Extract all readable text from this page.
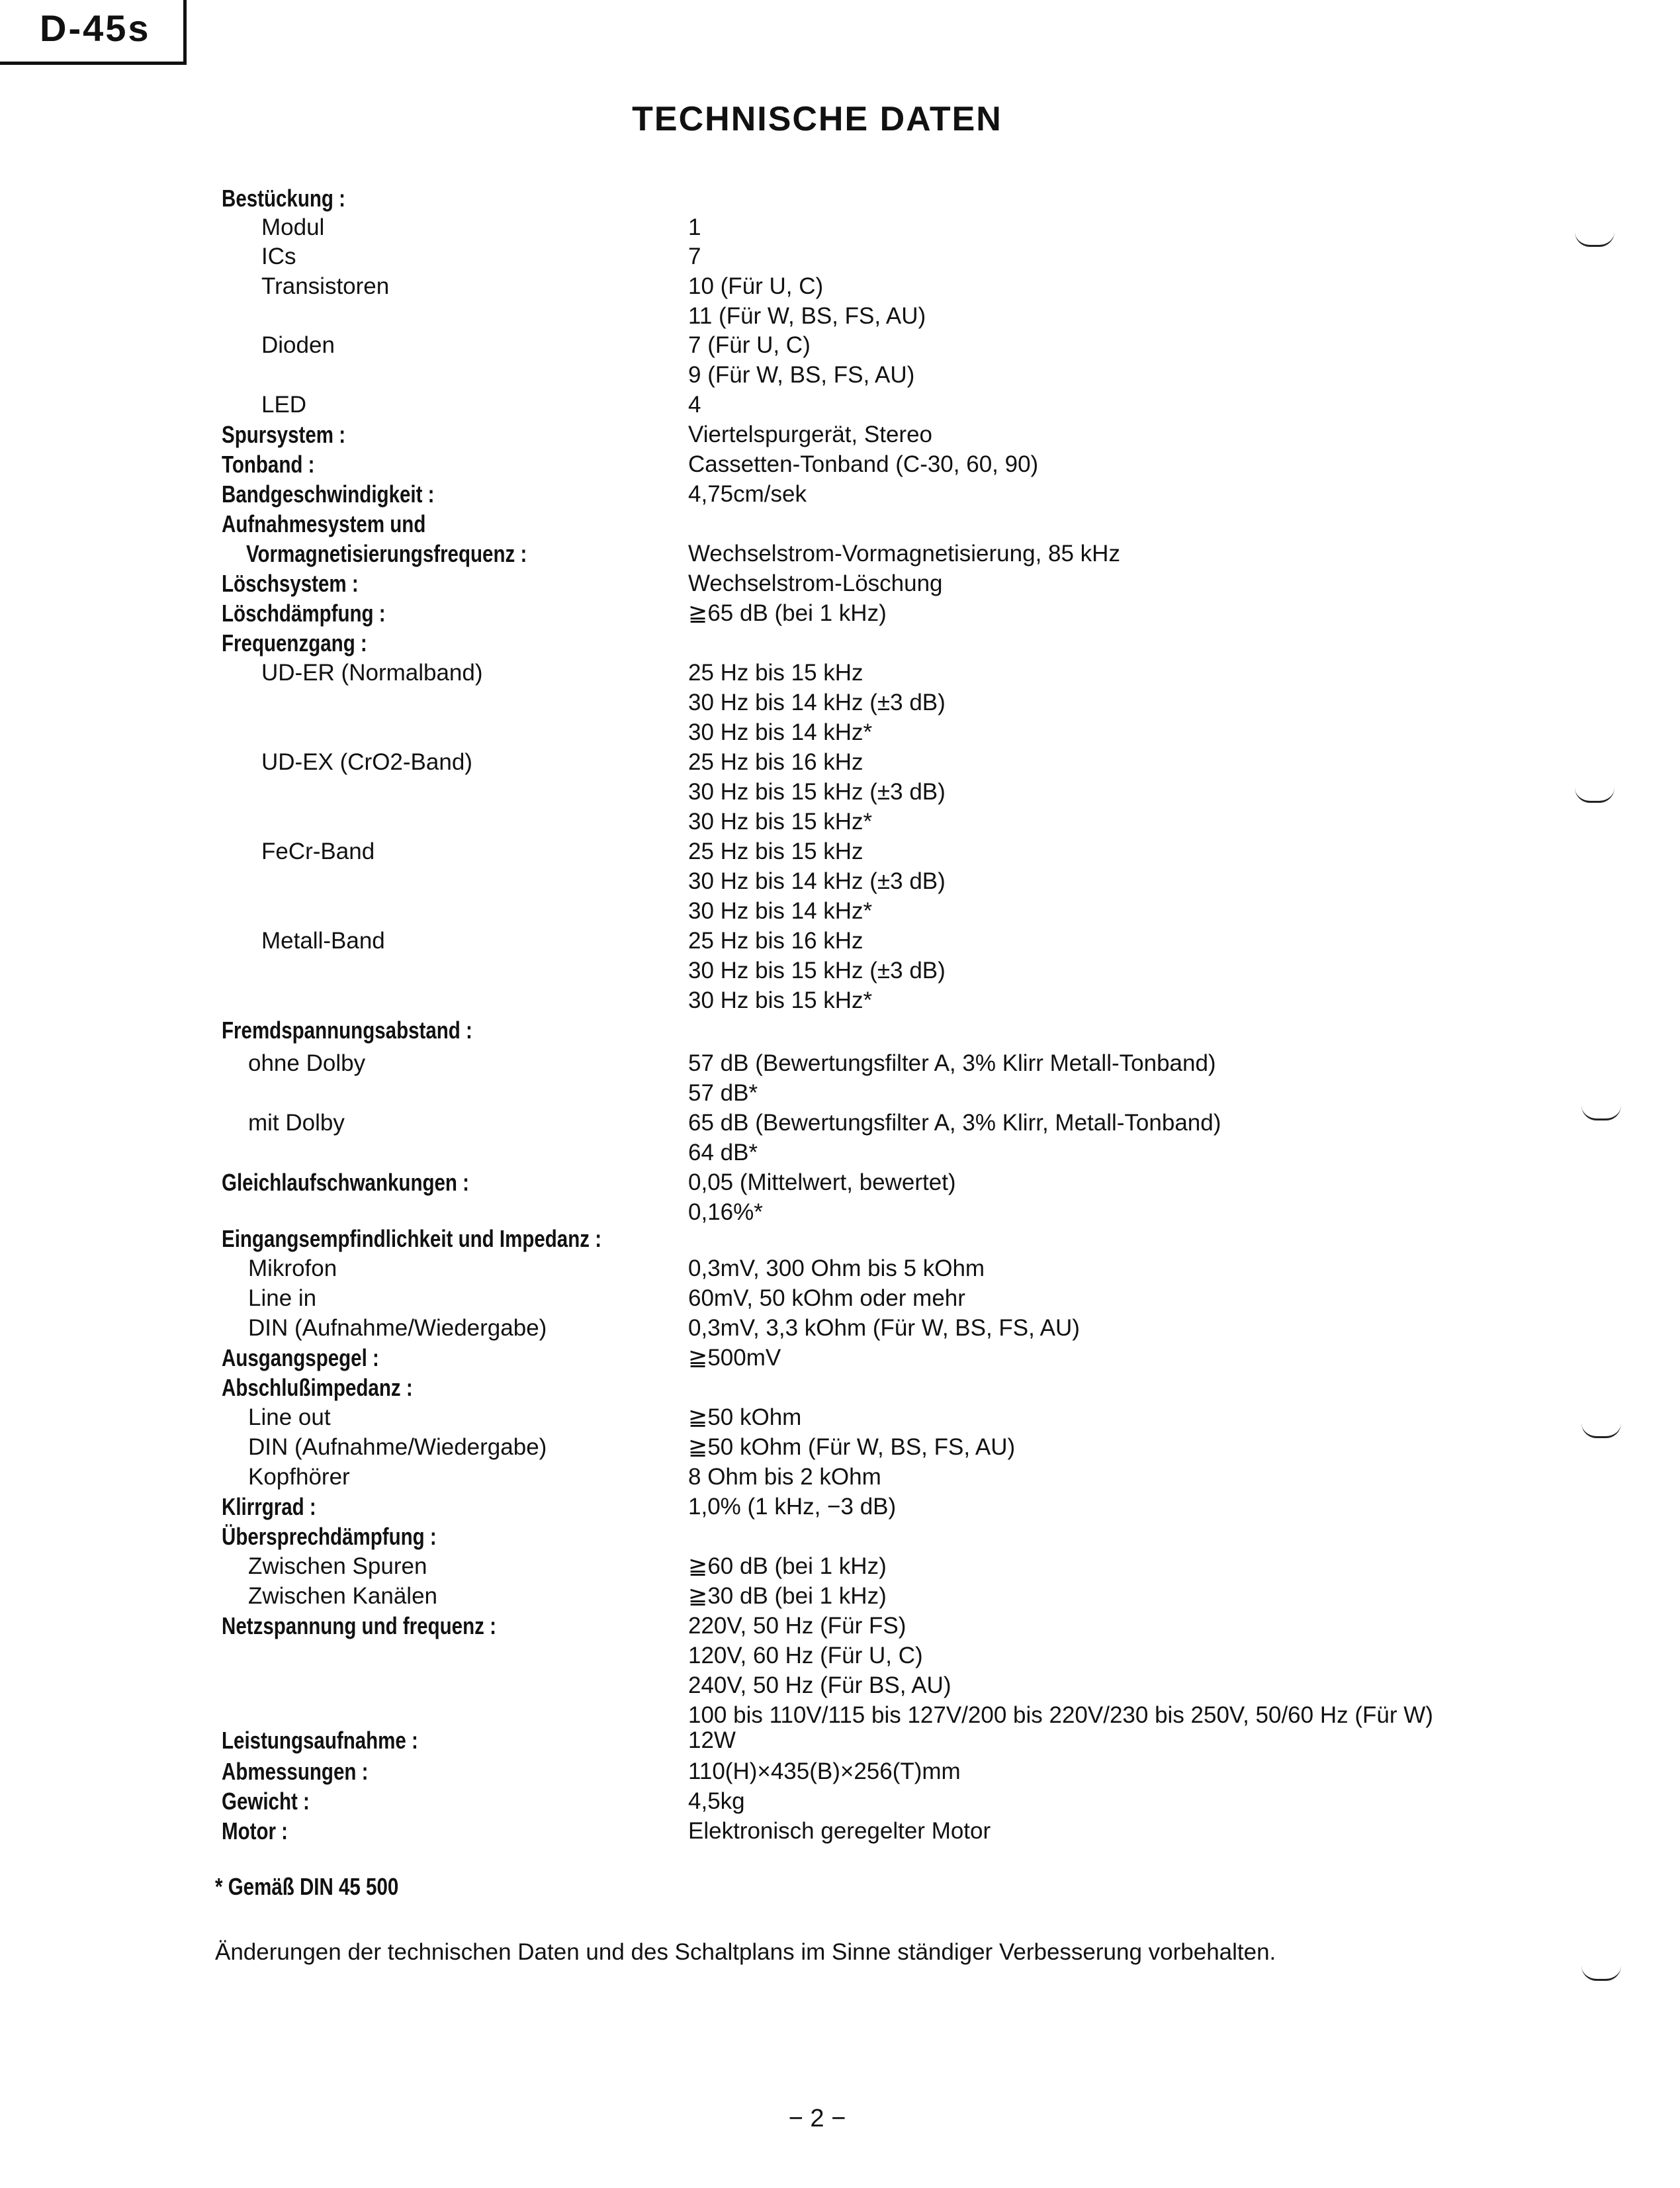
D-45s
TECHNISCHE DATEN
Bestückung :
Modul	1
ICs	7
Transistoren	10 (Für U, C)
11 (Für W, BS, FS, AU)
Dioden	7 (Für U, C)
9 (Für W, BS, FS, AU)
LED	4
Spursystem :	Viertelspurgerät, Stereo
Tonband :	Cassetten-Tonband (C-30, 60, 90)
Bandgeschwindigkeit :	4,75cm/sek
Aufnahmesystem und
Vormagnetisierungsfrequenz :	Wechselstrom-Vormagnetisierung, 85 kHz
Löschsystem :	Wechselstrom-Löschung
Löschdämpfung :	≧65 dB (bei 1 kHz)
Frequenzgang :
UD-ER (Normalband)	25 Hz bis 15 kHz
30 Hz bis 14 kHz (±3 dB)
30 Hz bis 14 kHz*
UD-EX (CrO2-Band)	25 Hz bis 16 kHz
30 Hz bis 15 kHz (±3 dB)
30 Hz bis 15 kHz*
FeCr-Band	25 Hz bis 15 kHz
30 Hz bis 14 kHz (±3 dB)
30 Hz bis 14 kHz*
Metall-Band	25 Hz bis 16 kHz
30 Hz bis 15 kHz (±3 dB)
30 Hz bis 15 kHz*
Fremdspannungsabstand :
ohne Dolby	57 dB (Bewertungsfilter A, 3% Klirr Metall-Tonband)
57 dB*
mit Dolby	65 dB (Bewertungsfilter A, 3% Klirr, Metall-Tonband)
64 dB*
Gleichlaufschwankungen :	0,05 (Mittelwert, bewertet)
0,16%*
Eingangsempfindlichkeit und Impedanz :
Mikrofon	0,3mV, 300 Ohm bis 5 kOhm
Line in	60mV, 50 kOhm oder mehr
DIN (Aufnahme/Wiedergabe)	0,3mV, 3,3 kOhm (Für W, BS, FS, AU)
Ausgangspegel :	≧500mV
Abschlußimpedanz :
Line out	≧50 kOhm
DIN (Aufnahme/Wiedergabe)	≧50 kOhm (Für W, BS, FS, AU)
Kopfhörer	8 Ohm bis 2 kOhm
Klirrgrad :	1,0% (1 kHz, −3 dB)
Übersprechdämpfung :
Zwischen Spuren	≧60 dB (bei 1 kHz)
Zwischen Kanälen	≧30 dB (bei 1 kHz)
Netzspannung und frequenz :	220V, 50 Hz (Für FS)
120V, 60 Hz (Für U, C)
240V, 50 Hz (Für BS, AU)
100 bis 110V/115 bis 127V/200 bis 220V/230 bis 250V, 50/60 Hz (Für W)
Leistungsaufnahme :	12W
Abmessungen :	110(H)×435(B)×256(T)mm
Gewicht :	4,5kg
Motor :	Elektronisch geregelter Motor
* Gemäß DIN 45 500
Änderungen der technischen Daten und des Schaltplans im Sinne ständiger Verbesserung vorbehalten.
− 2 −
